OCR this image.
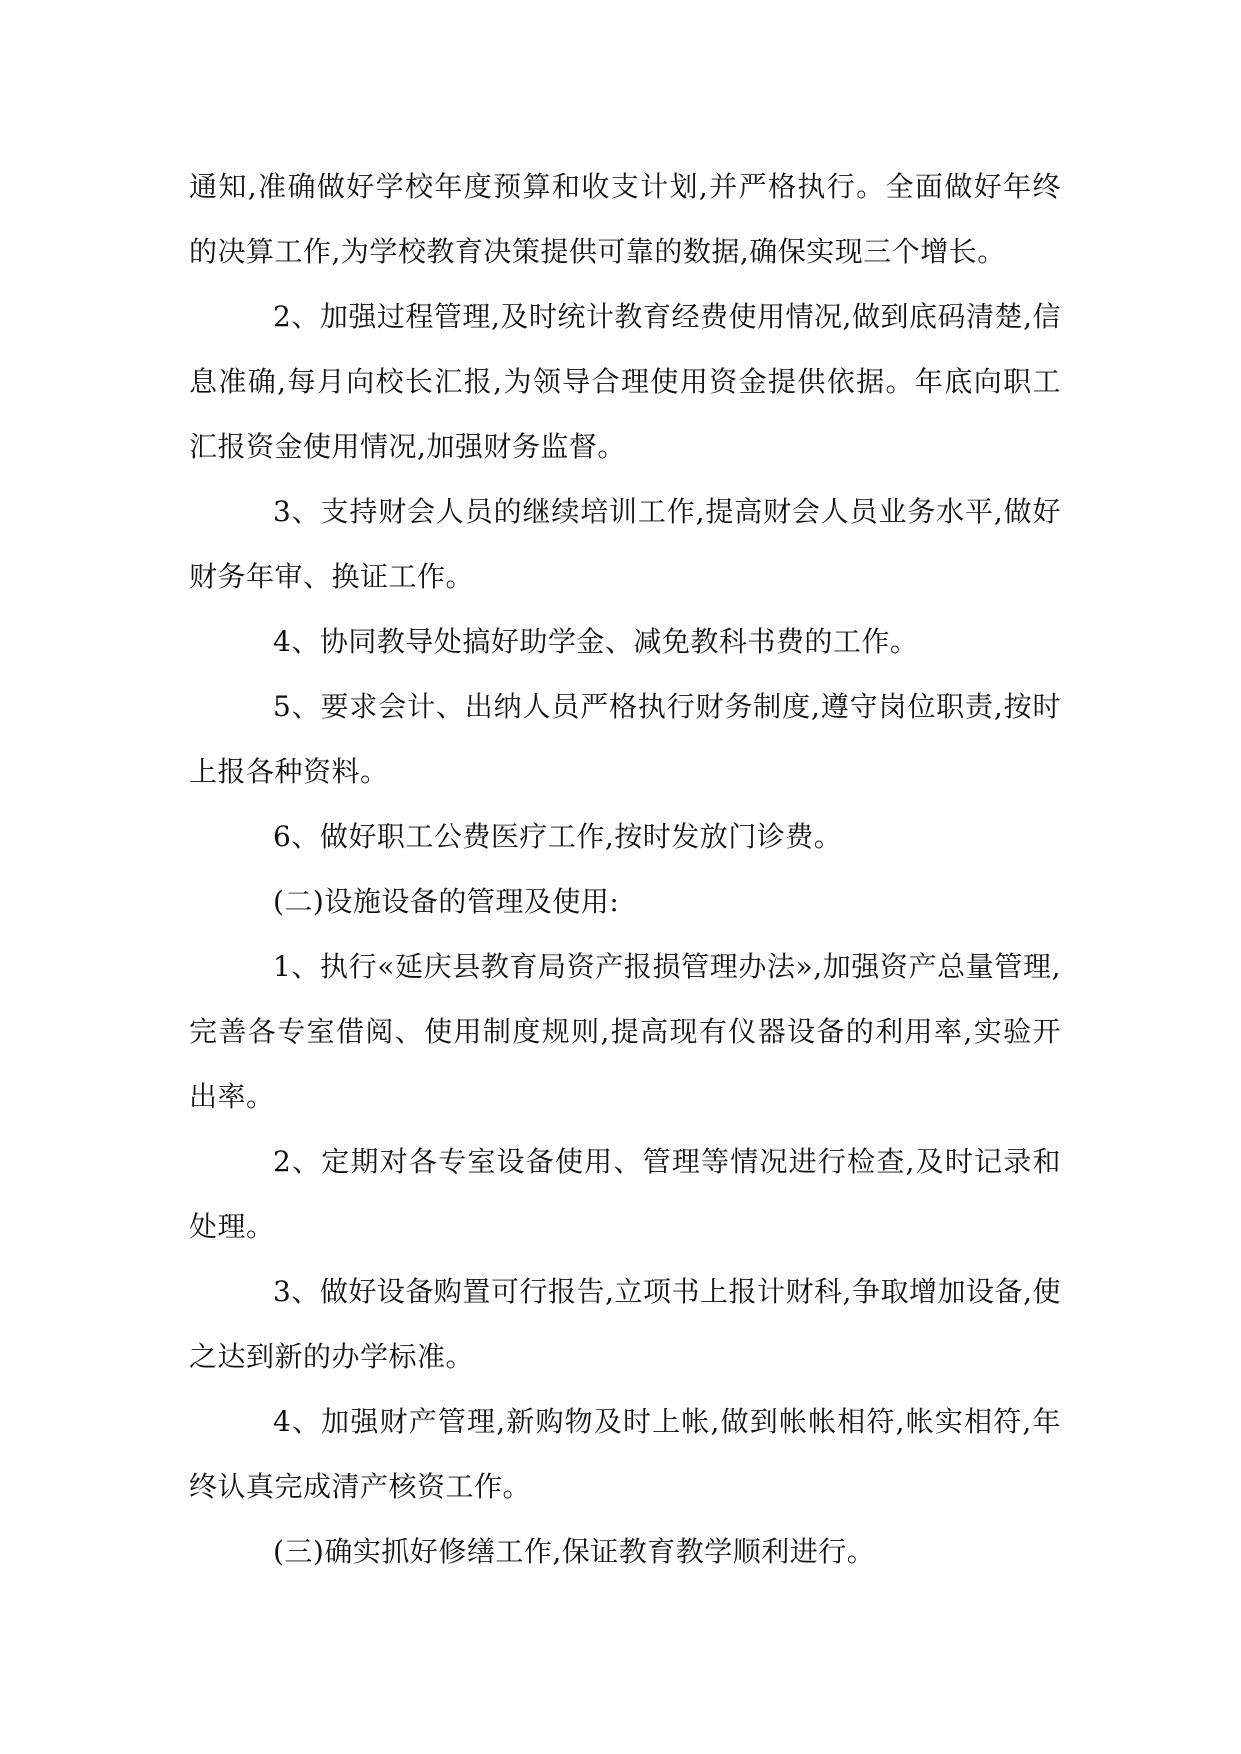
通知,准确做好学校年度预算和收支计划,并严格执行。全面做好年终的决算工作,为学校教育决策提供可靠的数据,确保实现三个增长。

2、加强过程管理,及时统计教育经费使用情况,做到底码清楚,信息准确,每月向校长汇报,为领导合理使用资金提供依据。年底向职工汇报资金使用情况,加强财务监督。

3、支持财会人员的继续培训工作,提高财会人员业务水平,做好财务年审、换证工作。

4、协同教导处搞好助学金、减免教科书费的工作。

5、要求会计、出纳人员严格执行财务制度,遵守岗位职责,按时上报各种资料。

6、做好职工公费医疗工作,按时发放门诊费。

(二)设施设备的管理及使用:

1、执行«延庆县教育局资产报损管理办法»,加强资产总量管理,完善各专室借阅、使用制度规则,提高现有仪器设备的利用率,实验开出率。

2、定期对各专室设备使用、管理等情况进行检查,及时记录和处理。

3、做好设备购置可行报告,立项书上报计财科,争取增加设备,使之达到新的办学标准。

4、加强财产管理,新购物及时上帐,做到帐帐相符,帐实相符,年终认真完成清产核资工作。

(三)确实抓好修缮工作,保证教育教学顺利进行。
